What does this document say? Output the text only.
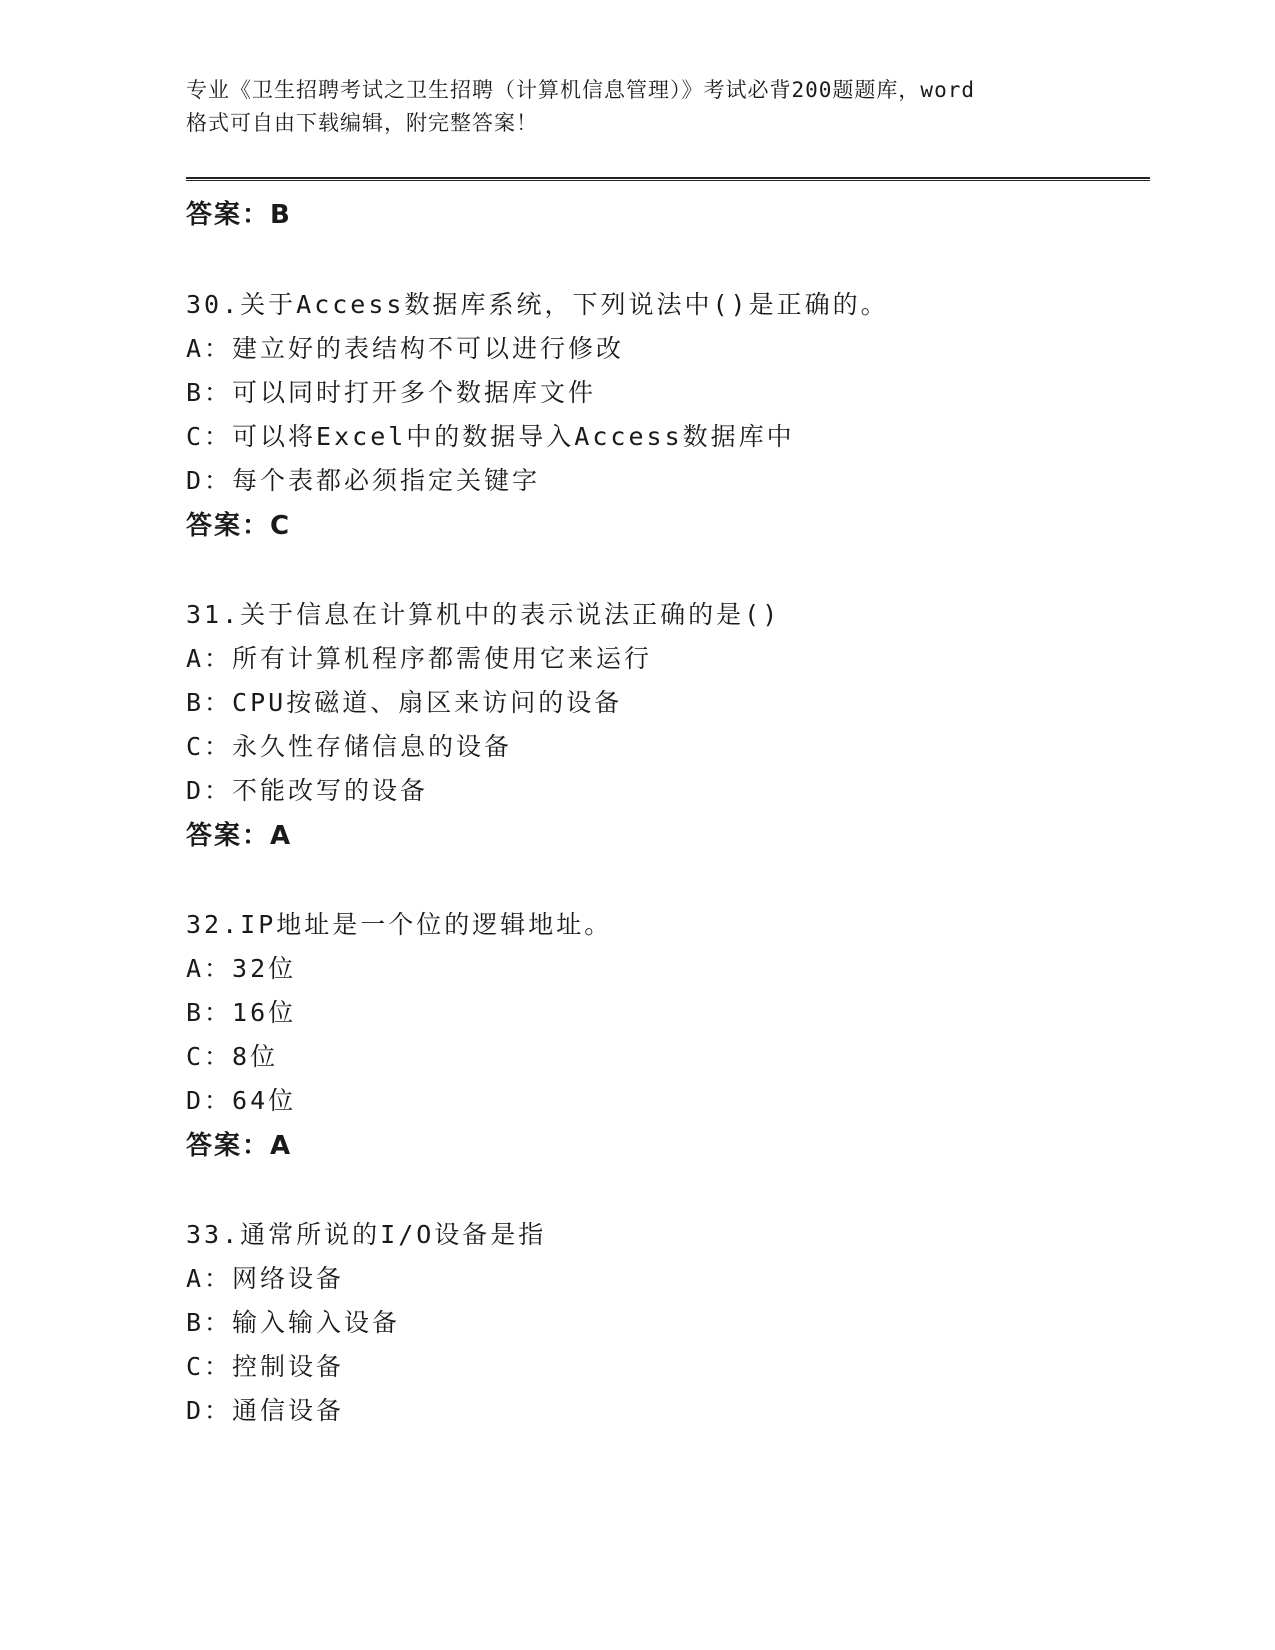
专业《卫生招聘考试之卫生招聘（计算机信息管理）》考试必背200题题库，word
格式可自由下载编辑，附完整答案！
答案：B
30.关于Access数据库系统，下列说法中()是正确的。
A：建立好的表结构不可以进行修改
B：可以同时打开多个数据库文件
C：可以将Excel中的数据导入Access数据库中
D：每个表都必须指定关键字
答案：C
31.关于信息在计算机中的表示说法正确的是()
A：所有计算机程序都需使用它来运行
B：CPU按磁道、扇区来访问的设备
C：永久性存储信息的设备
D：不能改写的设备
答案：A
32.IP地址是一个位的逻辑地址。
A：32位
B：16位
C：8位
D：64位
答案：A
33.通常所说的I/O设备是指
A：网络设备
B：输入输入设备
C：控制设备
D：通信设备
